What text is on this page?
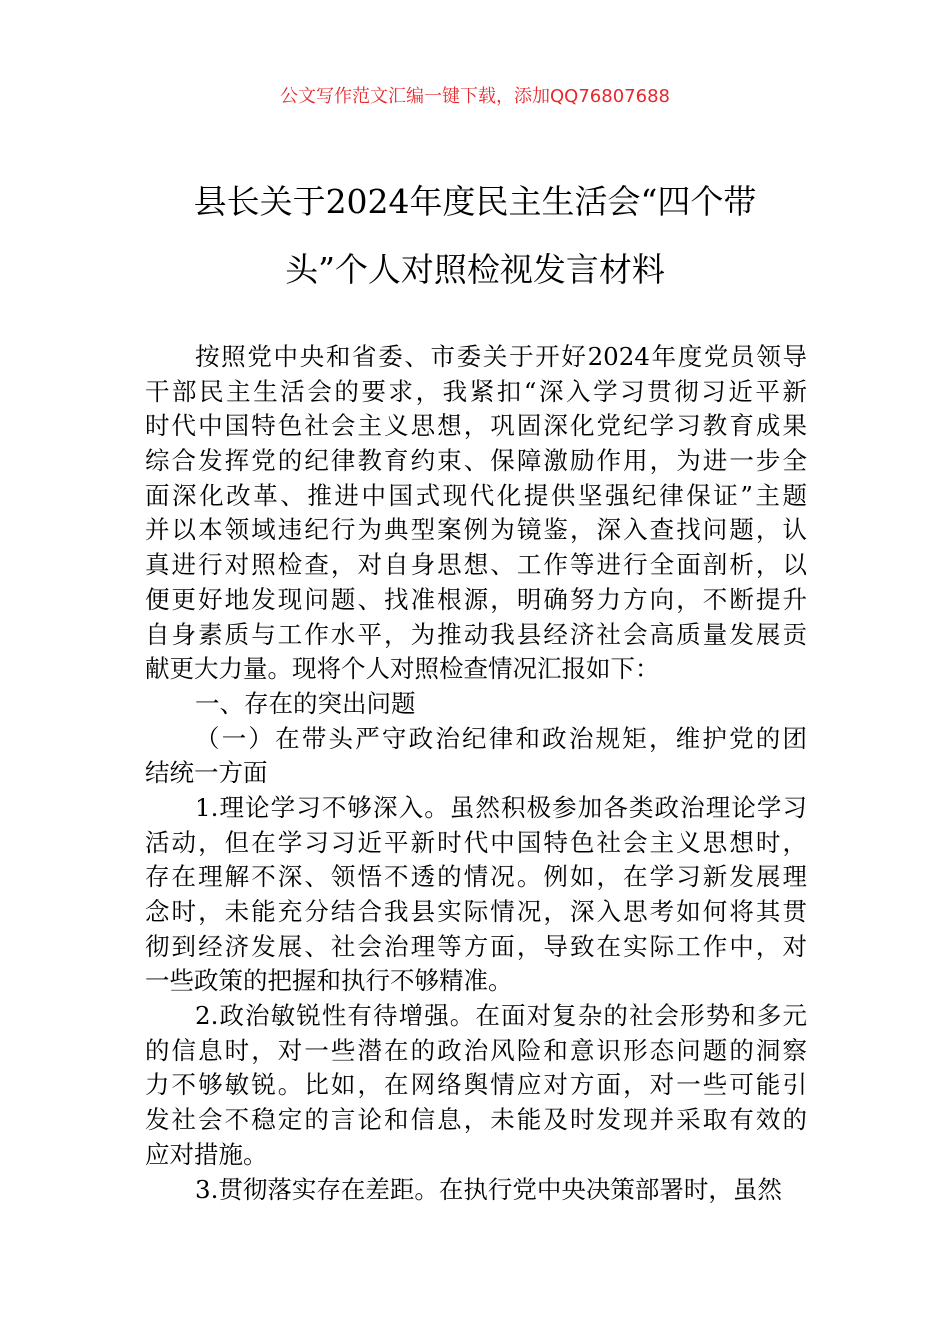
公文写作范文汇编一键下载，添加QQ76807688
县长关于2024年度民主生活会“四个带
头”个人对照检视发言材料
按照党中央和省委、市委关于开好2024年度党员领导
干部民主生活会的要求，我紧扣“深入学习贯彻习近平新
时代中国特色社会主义思想，巩固深化党纪学习教育成果
综合发挥党的纪律教育约束、保障激励作用，为进一步全
面深化改革、推进中国式现代化提供坚强纪律保证”主题
并以本领域违纪行为典型案例为镜鉴，深入查找问题，认
真进行对照检查，对自身思想、工作等进行全面剖析，以
便更好地发现问题、找准根源，明确努力方向，不断提升
自身素质与工作水平，为推动我县经济社会高质量发展贡
献更大力量。现将个人对照检查情况汇报如下：
一、存在的突出问题
（一）在带头严守政治纪律和政治规矩，维护党的团
结统一方面
1.理论学习不够深入。虽然积极参加各类政治理论学习
活动，但在学习习近平新时代中国特色社会主义思想时，
存在理解不深、领悟不透的情况。例如，在学习新发展理
念时，未能充分结合我县实际情况，深入思考如何将其贯
彻到经济发展、社会治理等方面，导致在实际工作中，对
一些政策的把握和执行不够精准。
2.政治敏锐性有待增强。在面对复杂的社会形势和多元
的信息时，对一些潜在的政治风险和意识形态问题的洞察
力不够敏锐。比如，在网络舆情应对方面，对一些可能引
发社会不稳定的言论和信息，未能及时发现并采取有效的
应对措施。
3.贯彻落实存在差距。在执行党中央决策部署时，虽然
